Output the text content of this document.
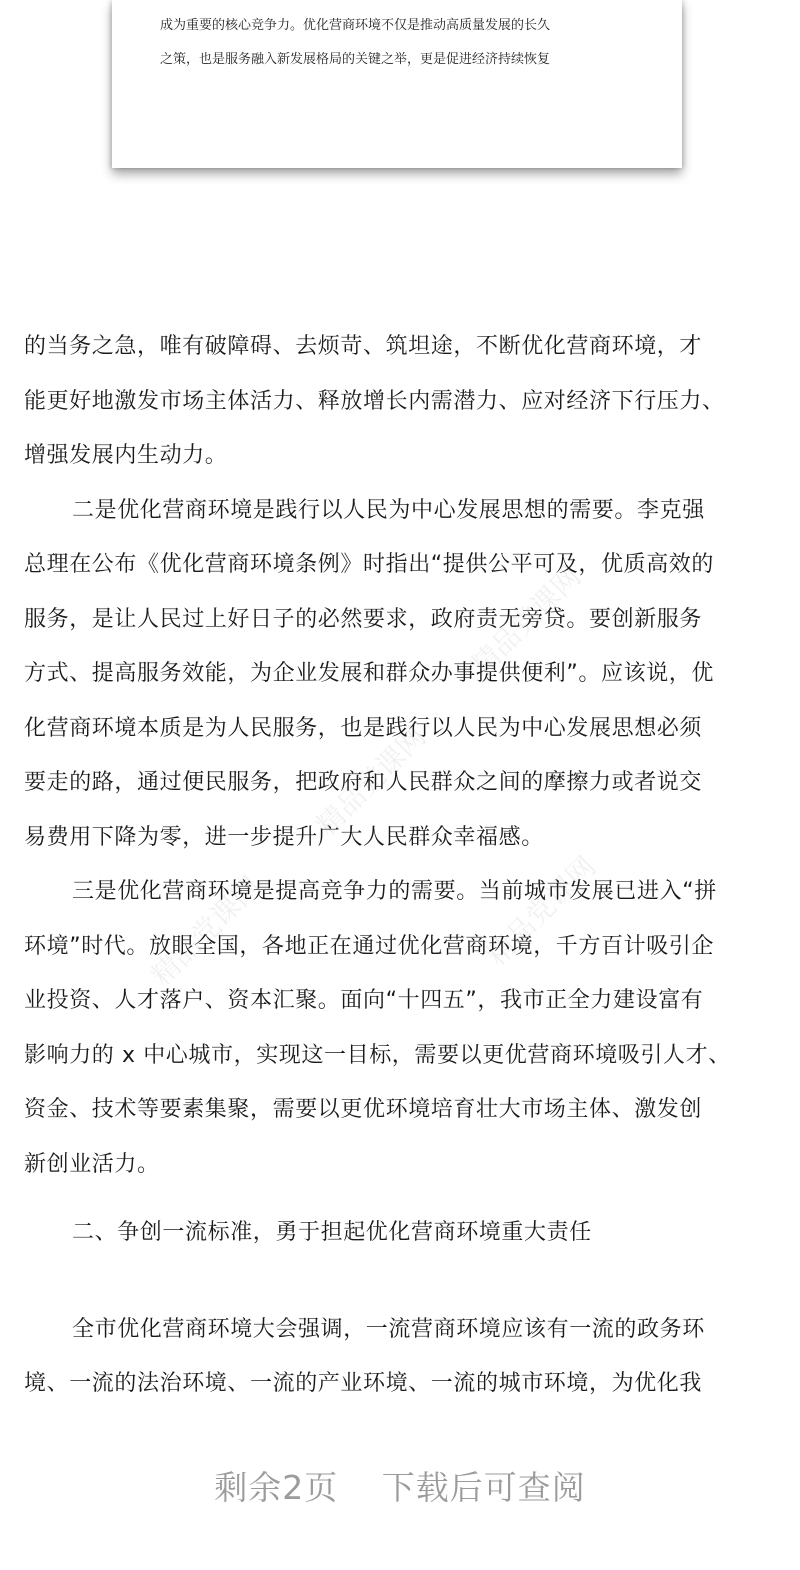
成为重要的核心竞争力。优化营商环境不仅是推动高质量发展的长久
之策，也是服务融入新发展格局的关键之举，更是促进经济持续恢复
精品党课网
精品党课网
精品党课网	精品党课网

的当务之急，唯有破障碍、去烦苛、筑坦途，不断优化营商环境，才
能更好地激发市场主体活力、释放增长内需潜力、应对经济下行压力、
增强发展内生动力。

二是优化营商环境是践行以人民为中心发展思想的需要。李克强
总理在公布《优化营商环境条例》时指出“提供公平可及，优质高效的
服务，是让人民过上好日子的必然要求，政府责无旁贷。要创新服务
方式、提高服务效能，为企业发展和群众办事提供便利”。应该说，优
化营商环境本质是为人民服务，也是践行以人民为中心发展思想必须
要走的路，通过便民服务，把政府和人民群众之间的摩擦力或者说交
易费用下降为零，进一步提升广大人民群众幸福感。

三是优化营商环境是提高竞争力的需要。当前城市发展已进入“拼
环境”时代。放眼全国，各地正在通过优化营商环境，千方百计吸引企
业投资、人才落户、资本汇聚。面向“十四五”，我市正全力建设富有
影响力的 x 中心城市，实现这一目标，需要以更优营商环境吸引人才、
资金、技术等要素集聚，需要以更优环境培育壮大市场主体、激发创
新创业活力。

二、争创一流标准，勇于担起优化营商环境重大责任

全市优化营商环境大会强调，一流营商环境应该有一流的政务环
境、一流的法治环境、一流的产业环境、一流的城市环境，为优化我

剩余2页 下载后可查阅
